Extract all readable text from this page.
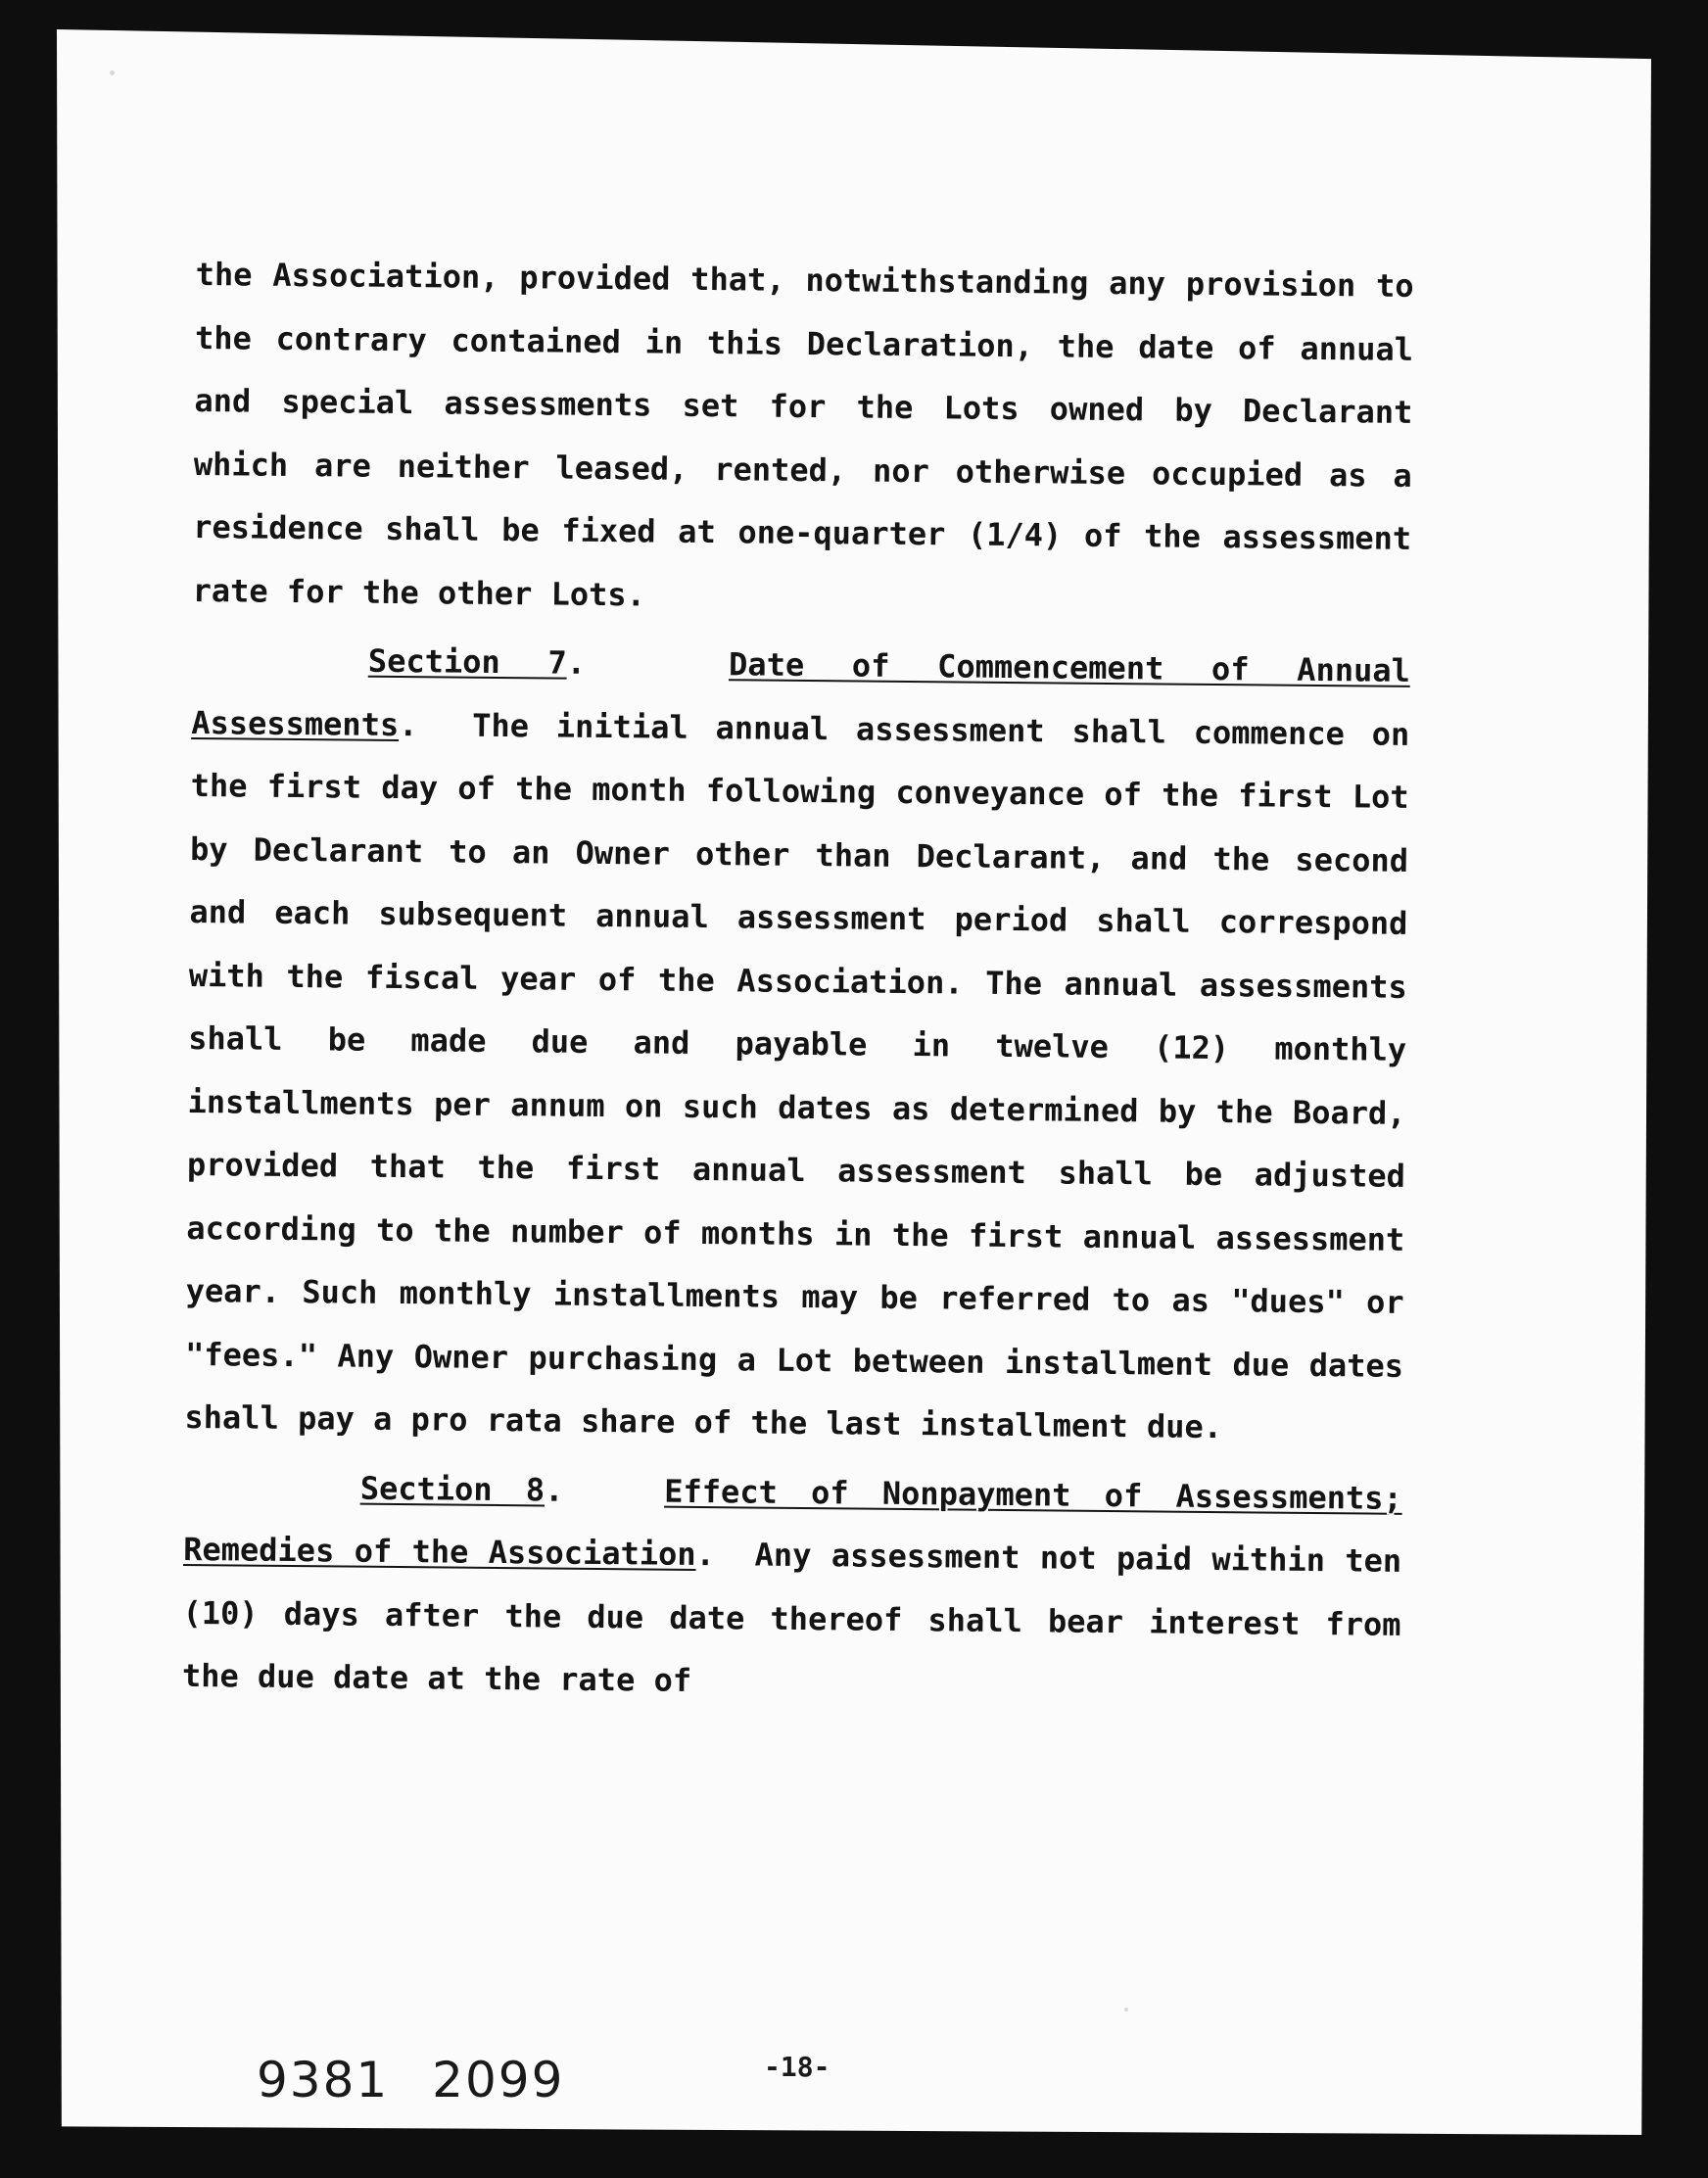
the Association, provided that, notwithstanding any provision to the contrary contained in this Declaration, the date of annual and special assessments set for the Lots owned by Declarant which are neither leased, rented, nor otherwise occupied as a residence shall be fixed at one-quarter (1/4) of the assessment rate for the other Lots.

Section 7.   Date of Commencement of Annual Assessments.  The initial annual assessment shall commence on the first day of the month following conveyance of the first Lot by Declarant to an Owner other than Declarant, and the second and each subsequent annual assessment period shall correspond with the fiscal year of the Association. The annual assessments shall be made due and payable in twelve (12) monthly installments per annum on such dates as determined by the Board, provided that the first annual assessment shall be adjusted according to the number of months in the first annual assessment year. Such monthly installments may be referred to as "dues" or "fees." Any Owner purchasing a Lot between installment due dates shall pay a pro rata share of the last installment due.

Section 8.   Effect of Nonpayment of Assessments; Remedies of the Association.  Any assessment not paid within ten (10) days after the due date thereof shall bear interest from the due date at the rate of

9381 2099	-18-
